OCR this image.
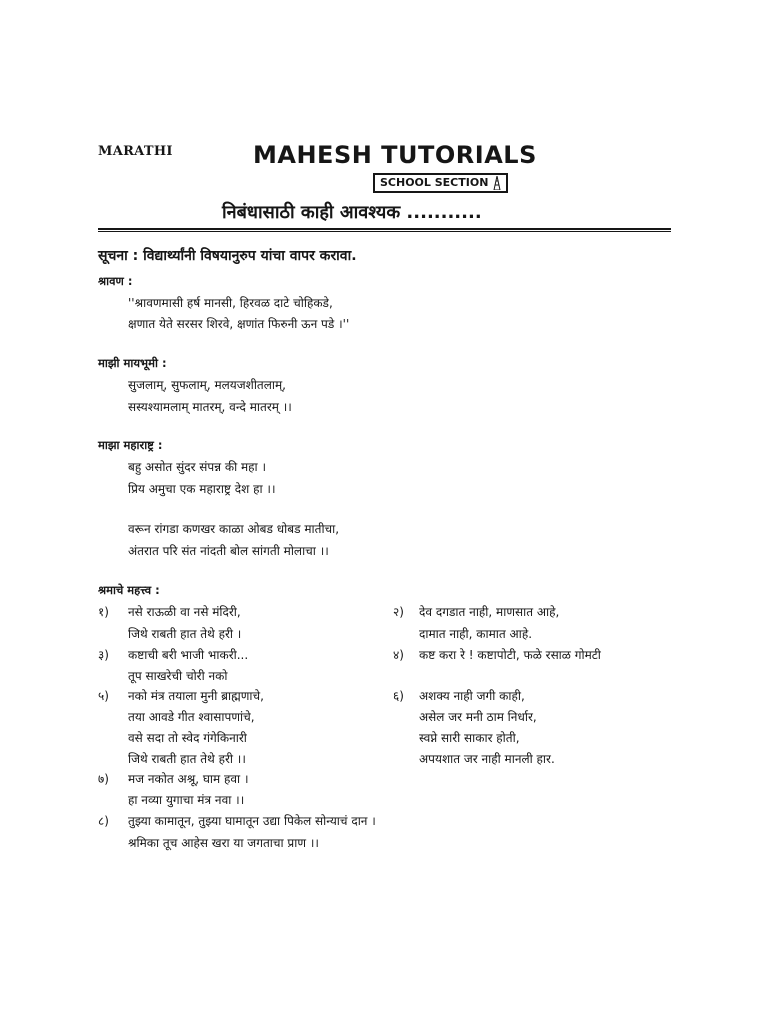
MARATHI	MAHESH TUTORIALS
SCHOOL SECTION
निबंधासाठी काही आवश्यक ...........
सूचना : विद्यार्थ्यांनी विषयानुरुप यांचा वापर करावा.
श्रावण :
''श्रावणमासी हर्ष मानसी, हिरवळ दाटे चोहिकडे,
क्षणात येते सरसर शिरवे, क्षणांत फिरुनी ऊन पडे ।''
माझी मायभूमी :
सुजलाम्, सुफलाम्, मलयजशीतलाम्,
सस्यश्यामलाम् मातरम्, वन्दे मातरम् ।।
माझा महाराष्ट्र :
बहु असोत सुंदर संपन्न की महा ।
प्रिय अमुचा एक महाराष्ट्र देश हा ।।
वरून रांगडा कणखर काळा ओबड धोबड मातीचा,
अंतरात परि संत नांदती बोल सांगती मोलाचा ।।
श्रमाचे महत्त्व :
१) नसे राऊळी वा नसे मंदिरी,
जिथे राबती हात तेथे हरी ।
२) देव दगडात नाही, माणसात आहे,
दामात नाही, कामात आहे.
३) कष्टाची बरी भाजी भाकरी...
तूप साखरेची चोरी नको
४) कष्ट करा रे ! कष्टापोटी, फळे रसाळ गोमटी
५) नको मंत्र तयाला मुनी ब्राह्मणाचे,
तया आवडे गीत श्वासापणांचे,
वसे सदा तो स्वेद गंगेकिनारी
जिथे राबती हात तेथे हरी ।।
६) अशक्य नाही जगी काही,
असेल जर मनी ठाम निर्धार,
स्वप्ने सारी साकार होती,
अपयशात जर नाही मानली हार.
७) मज नकोत अश्रू, घाम हवा ।
हा नव्या युगाचा मंत्र नवा ।।
८) तुझ्या कामातून, तुझ्या घामातून उद्या पिकेल सोन्याचं दान ।
श्रमिका तूच आहेस खरा या जगताचा प्राण ।।
